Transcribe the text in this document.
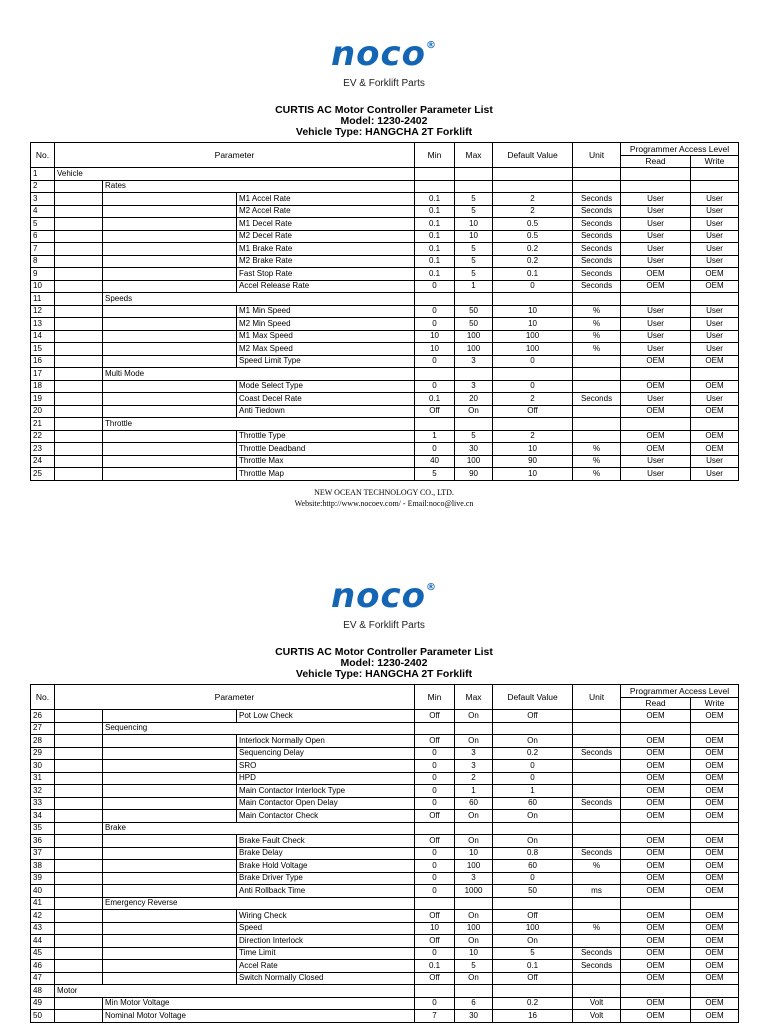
noco®
EV & Forklift Parts
CURTIS AC Motor Controller Parameter List
Model: 1230-2402
Vehicle Type: HANGCHA 2T Forklift
No.	Parameter			Min	Max	Default Value	Unit	Programmer Access Level	
								Read	Write
1	Vehicle								
2		Rates							
3			M1 Accel Rate	0.1	5	2	Seconds	User	User
4			M2 Accel Rate	0.1	5	2	Seconds	User	User
5			M1 Decel Rate	0.1	10	0.5	Seconds	User	User
6			M2 Decel Rate	0.1	10	0.5	Seconds	User	User
7			M1 Brake Rate	0.1	5	0.2	Seconds	User	User
8			M2 Brake Rate	0.1	5	0.2	Seconds	User	User
9			Fast Stop Rate	0.1	5	0.1	Seconds	OEM	OEM
10			Accel Release Rate	0	1	0	Seconds	OEM	OEM
11		Speeds							
12			M1 Min Speed	0	50	10	%	User	User
13			M2 Min Speed	0	50	10	%	User	User
14			M1 Max Speed	10	100	100	%	User	User
15			M2 Max Speed	10	100	100	%	User	User
16			Speed Limit Type	0	3	0		OEM	OEM
17		Multi Mode							
18			Mode Select Type	0	3	0		OEM	OEM
19			Coast Decel Rate	0.1	20	2	Seconds	User	User
20			Anti Tiedown	Off	On	Off		OEM	OEM
21		Throttle							
22			Throttle Type	1	5	2		OEM	OEM
23			Throttle Deadband	0	30	10	%	OEM	OEM
24			Throttle Max	40	100	90	%	User	User
25			Throttle Map	5	90	10	%	User	User
NEW OCEAN TECHNOLOGY CO., LTD.
Website:http://www.nocoev.com/ - Email:noco@live.cn
noco®
EV & Forklift Parts
CURTIS AC Motor Controller Parameter List
Model: 1230-2402
Vehicle Type: HANGCHA 2T Forklift
No.	Parameter			Min	Max	Default Value	Unit	Programmer Access Level	
								Read	Write
26			Pot Low Check	Off	On	Off		OEM	OEM
27		Sequencing							
28			Interlock Normally Open	Off	On	On		OEM	OEM
29			Sequencing Delay	0	3	0.2	Seconds	OEM	OEM
30			SRO	0	3	0		OEM	OEM
31			HPD	0	2	0		OEM	OEM
32			Main Contactor Interlock Type	0	1	1		OEM	OEM
33			Main Contactor Open Delay	0	60	60	Seconds	OEM	OEM
34			Main Contactor Check	Off	On	On		OEM	OEM
35		Brake							
36			Brake Fault Check	Off	On	On		OEM	OEM
37			Brake Delay	0	10	0.8	Seconds	OEM	OEM
38			Brake Hold Voltage	0	100	60	%	OEM	OEM
39			Brake Driver Type	0	3	0		OEM	OEM
40			Anti Rollback Time	0	1000	50	ms	OEM	OEM
41		Emergency Reverse							
42			Wiring Check	Off	On	Off		OEM	OEM
43			Speed	10	100	100	%	OEM	OEM
44			Direction Interlock	Off	On	On		OEM	OEM
45			Time Limit	0	10	5	Seconds	OEM	OEM
46			Accel Rate	0.1	5	0.1	Seconds	OEM	OEM
47			Switch Normally Closed	Off	On	Off		OEM	OEM
48	Motor								
49		Min Motor Voltage		0	6	0.2	Volt	OEM	OEM
50		Nominal Motor Voltage		7	30	16	Volt	OEM	OEM
